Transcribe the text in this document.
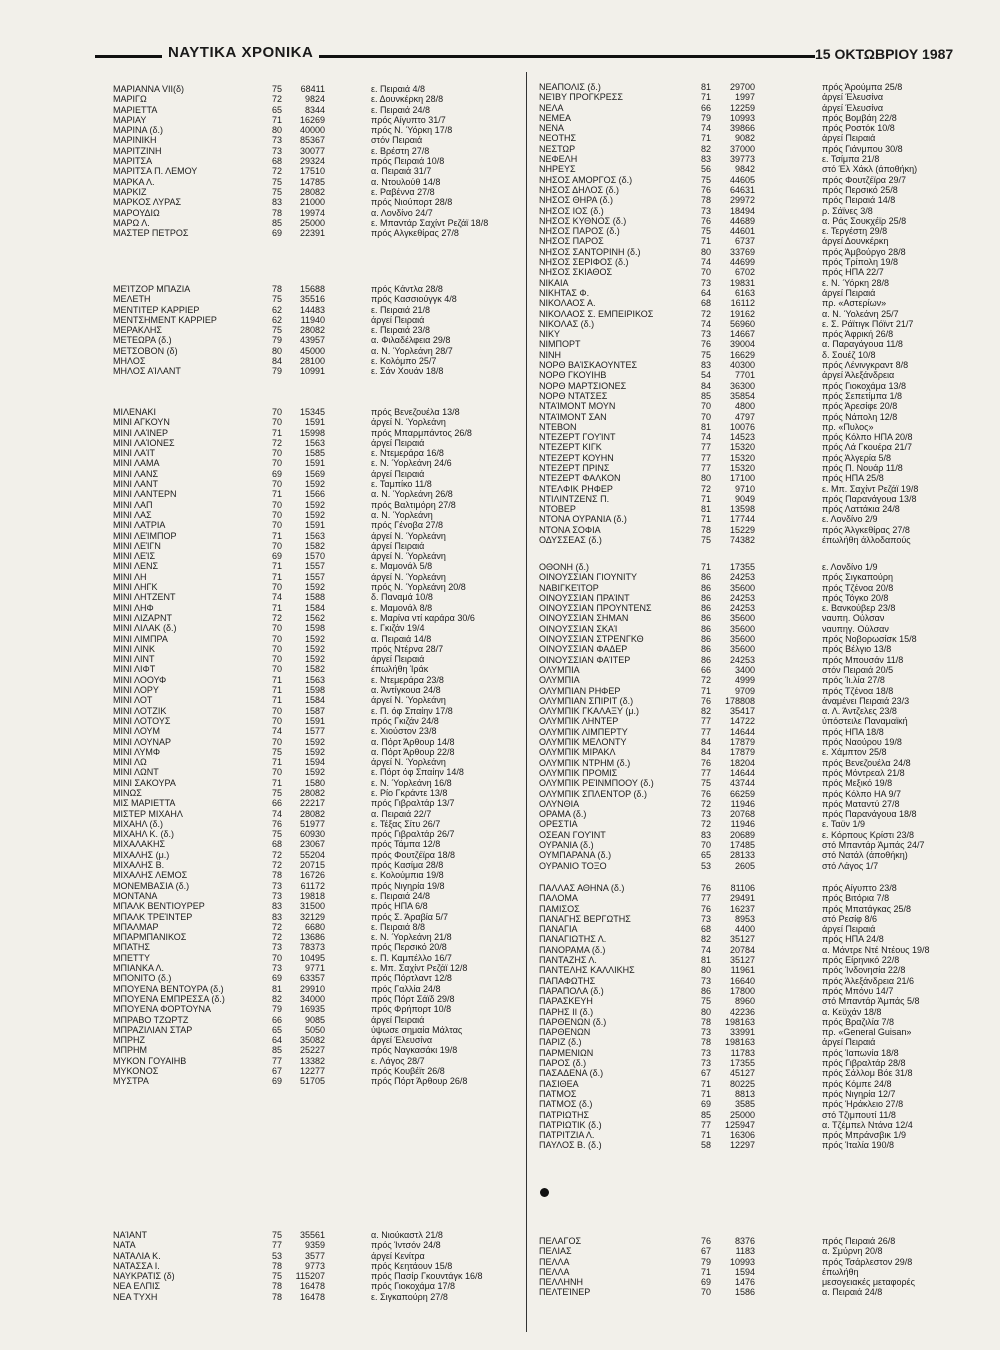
ΝΑΥΤΙΚΑ ΧΡΟΝΙΚΑ	15 ΟΚΤΩΒΡΙΟΥ 1987
ΜΑΡΙΑΝΝΑ VII(δ)	75	68411	ε. Πειραιά 4/8
ΜΑΡΙΓΩ	72	9824	ε. Δουνκέρκη 28/8
ΜΑΡΙΕΤΤΑ	65	8344	ε. Πειραιά 24/8
ΜΑΡΙΑΥ	71	16269	πρός Αίγυπτο 31/7
ΜΑΡΙΝΑ (δ.)	80	40000	πρός Ν. Ύόρκη 17/8
ΜΑΡΙΝΙΚΗ	73	85367	στόν Πειραιά
ΜΑΡΙΤΖΙΝΗ	73	30077	ε. Βρέστη 27/8
ΜΑΡΙΤΣΑ	68	29324	πρός Πειραιά 10/8
ΜΑΡΙΤΣΑ Π. ΛΕΜΟΥ	72	17510	α. Πειραιά 31/7
ΜΑΡΚΑ Λ.	75	14785	α. Ντουλούθ 14/8
ΜΑΡΚΙΖ	75	28082	ε. Ραβέννα 27/8
ΜΑΡΚΟΣ ΛΥΡΑΣ	83	21000	πρός Νιούπορτ 28/8
ΜΑΡΟΥΔΙΩ	78	19974	α. Λονδίνο 24/7
ΜΑΡΩ Λ.	85	25000	ε. Μπαντάρ Σαχίντ Ρεζάϊ 18/8
ΜΑΣΤΕΡ ΠΕΤΡΟΣ	69	22391	πρός Αλγκεθίρας 27/8
ΜΕΊΤΖΟΡ ΜΠΑΖΙΑ	78	15688	πρός Κάντλα 28/8
ΜΕΛΕΤΗ	75	35516	πρός Κασσιούγγκ 4/8
ΜΕΝΤΙΤΕΡ ΚΑΡΡΙΕΡ	62	14483	ε. Πειραιά 21/8
ΜΕΝΤΣΗΜΕΝΤ ΚΑΡΡΙΕΡ	62	11940	άργεί Πειραιά
ΜΕΡΑΚΛΗΣ	75	28082	ε. Πειραιά 23/8
ΜΕΤΕΩΡΑ (δ.)	79	43957	α. Φιλαδέλφεια 29/8
ΜΕΤΣΟΒΟΝ (δ)	80	45000	α. Ν. Ύορλεάνη 28/7
ΜΗΛΟΣ	84	28100	ε. Κολόμπο 25/7
ΜΗΛΟΣ ΑΊΛΑΝΤ	79	10991	ε. Σάν Χουάν 18/8
ΜΙΛΕΝΑΚΙ	70	15345	πρός Βενεζουέλα 13/8
ΜΙΝΙ ΑΓΚΟΥΝ	70	1591	άργεί Ν. Ύορλεάνη
ΜΙΝΙ ΛΑΊΝΕΡ	71	15998	πρός Μπαρμπάντος 26/8
ΜΙΝΙ ΛΑΊΟΝΕΣ	72	1563	άργεί Πειραιά
ΜΙΝΙ ΛΑΊΤ	70	1585	ε. Ντεμεράρα 16/8
ΜΙΝΙ ΛΑΜΑ	70	1591	ε. Ν. Ύορλεάνη 24/6
ΜΙΝΙ ΛΑΝΣ	69	1569	άργεί Πειραιά
ΜΙΝΙ ΛΑΝΤ	70	1592	ε. Ταμπίκο 11/8
ΜΙΝΙ ΛΑΝΤΕΡΝ	71	1566	α. Ν. Ύορλεάνη 26/8
ΜΙΝΙ ΛΑΠ	70	1592	πρός Βαλτιμόρη 27/8
ΜΙΝΙ ΛΑΣ	70	1592	α. Ν. Ύορλεάνη
ΜΙΝΙ ΛΑΤΡΙΑ	70	1591	πρός Γένοβα 27/8
ΜΙΝΙ ΛΕΊΜΠΟΡ	71	1563	άργεί Ν. Ύορλεάνη
ΜΙΝΙ ΛΕΊΓΝ	70	1582	άργεί Πειραιά
ΜΙΝΙ ΛΕΊΣ	69	1570	άργεί Ν. Ύορλεάνη
ΜΙΝΙ ΛΕΝΣ	71	1557	ε. Μαμονάλ 5/8
ΜΙΝΙ ΛΗ	71	1557	άργεί Ν. Ύορλεάνη
ΜΙΝΙ ΛΗΓΚ	70	1592	πρός Ν. Ύορλεάνη 20/8
ΜΙΝΙ ΛΗΤΖΕΝΤ	74	1588	δ. Παναμά 10/8
ΜΙΝΙ ΛΗΦ	71	1584	ε. Μαμονάλ 8/8
ΜΙΝΙ ΛΙΖΑΡΝΤ	72	1562	ε. Μαρίνα ντί καράρα 30/6
ΜΙΝΙ ΛΙΛΑΚ (δ.)	70	1598	ε. Γκιζάν 19/4
ΜΙΝΙ ΛΙΜΠΡΑ	70	1592	α. Πειραιά 14/8
ΜΙΝΙ ΛΙΝΚ	70	1592	πρός Ντέρνα 28/7
ΜΙΝΙ ΛΙΝΤ	70	1592	άργεί Πειραιά
ΜΙΝΙ ΛΙΦΤ	70	1582	έπωλήθη Ίράκ
ΜΙΝΙ ΛΟΟΥΦ	71	1563	ε. Ντεμεράρα 23/8
ΜΙΝΙ ΛΟΡΥ	71	1598	α. Άντίγκουα 24/8
ΜΙΝΙ ΛΟΤ	71	1584	άργεί Ν. Ύορλεάνη
ΜΙΝΙ ΛΟΤΖΙΚ	70	1587	ε. Π. όφ Σπαίην 17/8
ΜΙΝΙ ΛΟΤΟΥΣ	70	1591	πρός Γκιζάν 24/8
ΜΙΝΙ ΛΟΥΜ	74	1577	ε. Χιούστον 23/8
ΜΙΝΙ ΛΟΥΝΑΡ	70	1592	α. Πόρτ Άρθουρ 14/8
ΜΙΝΙ ΛΥΜΦ	75	1592	α. Πόρτ Άρθουρ 22/8
ΜΙΝΙ ΛΩ	71	1594	άργεί Ν. Ύορλεάνη
ΜΙΝΙ ΛΩΝΤ	70	1592	ε. Πόρτ όφ Σπαίην 14/8
ΜΙΝΙ ΣΑΚΟΥΡΑ	71	1580	ε. Ν. Ύορλεάνη 16/8
ΜΙΝΩΣ	75	28082	ε. Ρίο Γκράντε 13/8
ΜΙΣ ΜΑΡΙΕΤΤΑ	66	22217	πρός Γιβραλτάρ 13/7
ΜΙΣΤΕΡ ΜΙΧΑΗΛ	74	28082	α. Πειραιά 22/7
ΜΙΧΑΗΛ (δ.)	76	51977	ε. Τέξας Σίτυ 26/7
ΜΙΧΑΗΛ Κ. (δ.)	75	60930	πρός Γιβραλτάρ 26/7
ΜΙΧΑΛΑΚΗΣ	68	23067	πρός Τάμπα 12/8
ΜΙΧΑΛΗΣ (μ.)	72	55204	πρός Φουτζέϊρα 18/8
ΜΙΧΑΛΗΣ Β.	72	20715	πρός Κασίμα 28/8
ΜΙΧΑΛΗΣ ΛΕΜΟΣ	78	16726	ε. Κολούμπια 19/8
ΜΟΝΕΜΒΑΣΙΑ (δ.)	73	61172	πρός Νιγηρία 19/8
ΜΟΝΤΑΝΑ	73	19818	ε. Πειραιά 24/8
ΜΠΑΛΚ ΒΕΝΤΙΟΥΡΕΡ	83	31500	πρός ΗΠΑ 6/8
ΜΠΑΛΚ ΤΡΕΊΝΤΕΡ	83	32129	πρός Σ. Άραβία 5/7
ΜΠΑΛΜΑΡ	72	6680	ε. Πειραιά 8/8
ΜΠΑΡΜΠΑΝΙΚΟΣ	72	13686	ε. Ν. Ύορλεάνη 21/8
ΜΠΑΤΗΣ	73	78373	πρός Περσικό 20/8
ΜΠΕΤΤΥ	70	10495	ε. Π. Καμπέλλο 16/7
ΜΠΙΑΝΚΑ Λ.	73	9771	ε. Μπ. Σαχίντ Ρεζάϊ 12/8
ΜΠΟΝΙΤΟ (δ.)	69	63357	πρός Πόρτλαντ 12/8
ΜΠΟΥΕΝΑ ΒΕΝΤΟΥΡΑ (δ.)	81	29910	πρός Γαλλία 24/8
ΜΠΟΥΕΝΑ ΕΜΠΡΕΣΣΑ (δ.)	82	34000	πρός Πόρτ Σάϊδ 29/8
ΜΠΟΥΕΝΑ ΦΟΡΤΟΥΝΑ	79	16935	πρός Φρήπορτ 10/8
ΜΠΡΑΒΟ ΤΖΩΡΤΖ	66	9085	άργεί Πειραιά
ΜΠΡΑΖΙΛΙΑΝ ΣΤΑΡ	65	5050	ύψωσε σημαία Μάλτας
ΜΠΡΗΖ	64	35082	άργεί Έλευσίνα
ΜΠΡΗΜ	85	25227	πρός Ναγκασάκι 19/8
ΜΥΚΟΝ ΓΟΥΑΙΗΒ	77	13382	ε. Λάγος 28/7
ΜΥΚΟΝΟΣ	67	12277	πρός Κουβέϊτ 26/8
ΜΥΣΤΡΑ	69	51705	πρός Πόρτ Άρθουρ 26/8
ΝΑΊΑΝΤ	75	35561	α. Νιούκαστλ 21/8
ΝΑΤΑ	77	9359	πρός Ίντσόν 24/8
ΝΑΤΑΛΙΑ Κ.	53	3577	άργεί Κενίτρα
ΝΑΤΑΣΣΑ Ι.	78	9773	πρός Κεητάουν 15/8
ΝΑΥΚΡΑΤΙΣ (δ)	75	115207	πρός Πασίρ Γκουντάγκ 16/8
ΝΕΑ ΕΛΠΙΣ	78	16478	πρός Γιοκοχάμα 17/8
ΝΕΑ ΤΥΧΗ	78	16478	ε. Σιγκαπούρη 27/8
ΝΕΑΠΟΛΙΣ (δ.)	81	29700	πρός Άρούμπα 25/8
ΝΕΊΒΥ ΠΡΟΓΚΡΕΣΣ	71	1997	άργεί Έλευσίνα
ΝΕΛΑ	66	12259	άργεί Έλευσίνα
ΝΕΜΕΑ	79	10993	πρός Βομβάη 22/8
ΝΕΝΑ	74	39866	πρός Ροστόκ 10/8
ΝΕΟΤΗΣ	71	9082	άργεί Πειραιά
ΝΕΣΤΩΡ	82	37000	πρός Γιάνμπου 30/8
ΝΕΦΕΛΗ	83	39773	ε. Τσίμπα 21/8
ΝΗΡΕΥΣ	56	9842	στό Έλ Χάκλ (άποθήκη)
ΝΗΣΟΣ ΑΜΟΡΓΟΣ (δ.)	75	44605	πρός Φουτζέϊρα 29/7
ΝΗΣΟΣ ΔΗΛΟΣ (δ.)	76	64631	πρός Περσικό 25/8
ΝΗΣΟΣ ΘΗΡΑ (δ.)	78	29972	πρός Πειραιά 14/8
ΝΗΣΟΣ ΙΟΣ (δ.)	73	18494	ρ. Σάϊνες 3/8
ΝΗΣΟΣ ΚΥΘΝΟΣ (δ.)	76	44689	α. Ράς Σουκχέϊρ 25/8
ΝΗΣΟΣ ΠΑΡΟΣ (δ.)	75	44601	ε. Τεργέστη 29/8
ΝΗΣΟΣ ΠΑΡΟΣ	71	6737	άργεί Δουνκέρκη
ΝΗΣΟΣ ΣΑΝΤΟΡΙΝΗ (δ.)	80	33769	πρός Άμβούργο 28/8
ΝΗΣΟΣ ΣΕΡΙΦΟΣ (δ.)	74	44699	πρός Τρίπολη 19/8
ΝΗΣΟΣ ΣΚΙΑΘΟΣ	70	6702	πρός ΗΠΑ 22/7
ΝΙΚΑΙΑ	73	19831	ε. Ν. Ύόρκη 28/8
ΝΙΚΗΤΑΣ Φ.	64	6163	άργεί Πειραιά
ΝΙΚΟΛΑΟΣ Α.	68	16112	πρ. «Αστερίων»
ΝΙΚΟΛΑΟΣ Σ. ΕΜΠΕΙΡΙΚΟΣ	72	19162	α. Ν. Ύολεάνη 25/7
ΝΙΚΟΛΑΣ (δ.)	74	56960	ε. Σ. Ράϊτιγκ Πόϊντ 21/7
ΝΙΚΥ	73	14667	πρός Άφρική 26/8
ΝΙΜΠΟΡΤ	76	39004	α. Παραγάγουα 11/8
ΝΙΝΗ	75	16629	δ. Σουέζ 10/8
ΝΟΡΘ ΒΑΊΣΚΑΟΥΝΤΕΣ	83	40300	πρός Λένινγκραντ 8/8
ΝΟΡΘ ΓΚΟΥΙΗΒ	54	7701	άργεί Άλεξάνδρεια
ΝΟΡΘ ΜΑΡΤΣΙΟΝΕΣ	84	36300	πρός Γιοκοχάμα 13/8
ΝΟΡΘ ΝΤΑΤΣΕΣ	85	35854	πρός Σεπετίμπα 1/8
ΝΤΑΊΜΟΝΤ ΜΟΥΝ	70	4800	πρός Άρεσίφε 20/8
ΝΤΑΊΜΟΝΤ ΣΑΝ	70	4797	πρός Νάπολη 12/8
ΝΤΕΒΟΝ	81	10076	πρ. «Πυλος»
ΝΤΕΖΕΡΤ ΓΟΥΊΝΤ	74	14523	πρός Κόλπο ΗΠΑ 20/8
ΝΤΕΖΕΡΤ ΚΙΓΚ	77	15320	πρός Λά Γκουέρα 21/7
ΝΤΕΖΕΡΤ ΚΟΥΗΝ	77	15320	πρός Άλγερία 5/8
ΝΤΕΖΕΡΤ ΠΡΙΝΣ	77	15320	πρός Π. Νουάρ 11/8
ΝΤΕΖΕΡΤ ΦΑΛΚΟΝ	80	17100	πρός ΗΠΑ 25/8
ΝΤΕΛΦΙΚ ΡΗΦΕΡ	72	9710	ε. Μπ. Σαχίντ Ρεζάϊ 19/8
ΝΤΙΛΙΝΤΖΕΝΣ Π.	71	9049	πρός Παρανάγουα 13/8
ΝΤΟΒΕΡ	81	13598	πρός Λαττάκια 24/8
ΝΤΟΝΑ ΟΥΡΑΝΙΑ (δ.)	71	17744	ε. Λονδίνο 2/9
ΝΤΟΝΑ ΣΟΦΙΑ	78	15229	πρός Άλγκεθίρας 27/8
ΟΔΥΣΣΕΑΣ (δ.)	75	74382	έπωλήθη άλλοδαπούς
ΟΘΟΝΗ (δ.)	71	17355	ε. Λονδίνο 1/9
ΟΙΝΟΥΣΣΙΑΝ ΓΙΟΥΝΙΤΥ	86	24253	πρός Σιγκαπούρη
ΝΑΒΙΓΚΕΊΤΟΡ	86	35600	πρός Τζένοα 20/8
ΟΙΝΟΥΣΣΙΑΝ ΠΡΑΊΝΤ	86	24253	πρός Τόγκο 20/8
ΟΙΝΟΥΣΣΙΑΝ ΠΡΟΥΝΤΕΝΣ	86	24253	ε. Βανκούβερ 23/8
ΟΙΝΟΥΣΣΙΑΝ ΣΗΜΑΝ	86	35600	ναυπη. Ούλσαν
ΟΙΝΟΥΣΣΙΑΝ ΣΚΑΊ	86	35600	ναυπηγ. Ούλσαν
ΟΙΝΟΥΣΣΙΑΝ ΣΤΡΕΝΓΚΘ	86	35600	πρός Νοβορωσίσκ 15/8
ΟΙΝΟΥΣΣΙΑΝ ΦΑΔΕΡ	86	35600	πρός Βέλγιο 13/8
ΟΙΝΟΥΣΣΙΑΝ ΦΑΊΤΕΡ	86	24253	πρός Μπουσάν 11/8
ΟΛΥΜΠΙΑ	66	3400	στόν Πειραιά 20/5
ΟΛΥΜΠΙΑ	72	4999	πρός Ίι.λία 27/8
ΟΛΥΜΠΙΑΝ ΡΗΦΕΡ	71	9709	πρός Τζένοα 18/8
ΟΛΥΜΠΙΑΝ ΣΠΙΡΙΤ (δ.)	76	178808	άναμένει Πειραιά 23/3
ΟΛΥΜΠΙΚ ΓΚΑΛΑΞΥ (μ.)	82	35417	α. Λ. Άντζελες 23/8
ΟΛΥΜΠΙΚ ΛΗΝΤΕΡ	77	14722	ύπόστειλε Παναμαϊκή
ΟΛΥΜΠΙΚ ΛΙΜΠΕΡΤΥ	77	14644	πρός ΗΠΑ 18/8
ΟΛΥΜΠΙΚ ΜΕΛΟΝΤΥ	84	17879	πρός Ναούρου 19/8
ΟΛΥΜΠΙΚ ΜΙΡΑΚΛ	84	17879	ε. Χάμπτον 25/8
ΟΛΥΜΠΙΚ ΝΤΡΗΜ (δ.)	76	18204	πρός Βενεζουέλα 24/8
ΟΛΥΜΠΙΚ ΠΡΟΜΙΣ	77	14644	πρός Μόντρεαλ 21/8
ΟΛΥΜΠΙΚ ΡΕΊΝΜΠΟΟΥ (δ.)	75	43744	πρός Μεξικό 19/8
ΟΛΥΜΠΙΚ ΣΠΛΕΝΤΟΡ (δ.)	76	66259	πρός Κόλπο ΗΑ 9/7
ΟΛΥΝΘΙΑ	72	11946	πρός Ματαντύ 27/8
ΟΡΑΜΑ (δ.)	73	20768	πρός Παρανάγουα 18/8
ΟΡΕΣΤΙΑ	72	11946	ε. Ταϋν 1/9
ΟΣΕΑΝ ΓΟΥΊΝΤ	83	20689	ε. Κόρπους Κρίστι 23/8
ΟΥΡΑΝΙΑ (δ.)	70	17485	στό Μπαντάρ Άμπάς 24/7
ΟΥΜΠΑΡΑΝΑ (δ.)	65	28133	στό Νατάλ (άποθήκη)
ΟΥΡΑΝΙΟ ΤΟΞΟ	53	2605	στό Λάγος 1/7
ΠΑΛΛΑΣ ΑΘΗΝΑ (δ.)	76	81106	πρός Αίγυπτο 23/8
ΠΑΛΟΜΑ	77	29491	πρός Βιτόρια 7/8
ΠΑΜΙΣΟΣ	76	16237	πρός Μπατάγκας 25/8
ΠΑΝΑΓΗΣ ΒΕΡΓΩΤΗΣ	73	8953	στό Ρεσίφ 8/6
ΠΑΝΑΓΙΑ	68	4400	άργεί Πειραιά
ΠΑΝΑΓΙΩΤΗΣ Λ.	82	35127	πρός ΗΠΑ 24/8
ΠΑΝΟΡΑΜΑ (δ.)	74	20784	α. Μάντρε Ντέ Ντέους 19/8
ΠΑΝΤΑΖΗΣ Λ.	81	35127	πρός Είρηνικό 22/8
ΠΑΝΤΕΛΗΣ ΚΑΛΛΙΚΗΣ	80	11961	πρός Ίνδονησία 22/8
ΠΑΠΑΦΩΤΗΣ	73	16640	πρός Άλεξάνδρεια 21/6
ΠΑΡΑΠΟΛΑ (δ.)	86	17800	πρός Μπόνυ 14/7
ΠΑΡΑΣΚΕΥΗ	75	8960	στό Μπαντάρ Άμπάς 5/8
ΠΑΡΗΣ ΙΙ (δ.)	80	42236	α. Κεϋχάν 18/8
ΠΑΡΘΕΝΩΝ (δ.)	78	198163	πρός Βραζιλία 7/8
ΠΑΡΘΕΝΩΝ	73	33991	πρ. «General Guisan»
ΠΑΡΙΖ (δ.)	78	198163	άργεί Πειραιά
ΠΑΡΜΕΝΙΩΝ	73	11783	πρός Ίαπωνία 18/8
ΠΑΡΟΣ (δ.)	73	17355	πρός Γιβραλτάρ 28/8
ΠΑΣΑΔΕΝΑ (δ.)	67	45127	πρός Σάλλομ Βόε 31/8
ΠΑΣΙΘΕΑ	71	80225	πρός Κόμπε 24/8
ΠΑΤΜΟΣ	71	8813	πρός Νιγηρία 12/7
ΠΑΤΜΟΣ (δ.)	69	3585	πρός Ήράκλειο 27/8
ΠΑΤΡΙΩΤΗΣ	85	25000	στό Τζιμπουτί 11/8
ΠΑΤΡΙΩΤΙΚ (δ.)	77	125947	α. Τζέμπελ Ντάνα 12/4
ΠΑΤΡΙΤΖΙΑ Λ.	71	16306	πρός Μπράνσβικ 1/9
ΠΑΥΛΟΣ Β. (δ.)	58	12297	πρός Ίταλία 190/8
ΠΕΛΑΓΟΣ	76	8376	πρός Πειραιά 26/8
ΠΕΛΙΑΣ	67	1183	α. Σμύρνη 20/8
ΠΕΛΛΑ	79	10993	πρός Τσάρλεστον 29/8
ΠΕΛΛΑ	71	1594	έπωλήθη
ΠΕΛΛΗΝΗ	69	1476	μεσογειακές μεταφορές
ΠΕΛΤΕΊΝΕΡ	70	1586	α. Πειραιά 24/8
